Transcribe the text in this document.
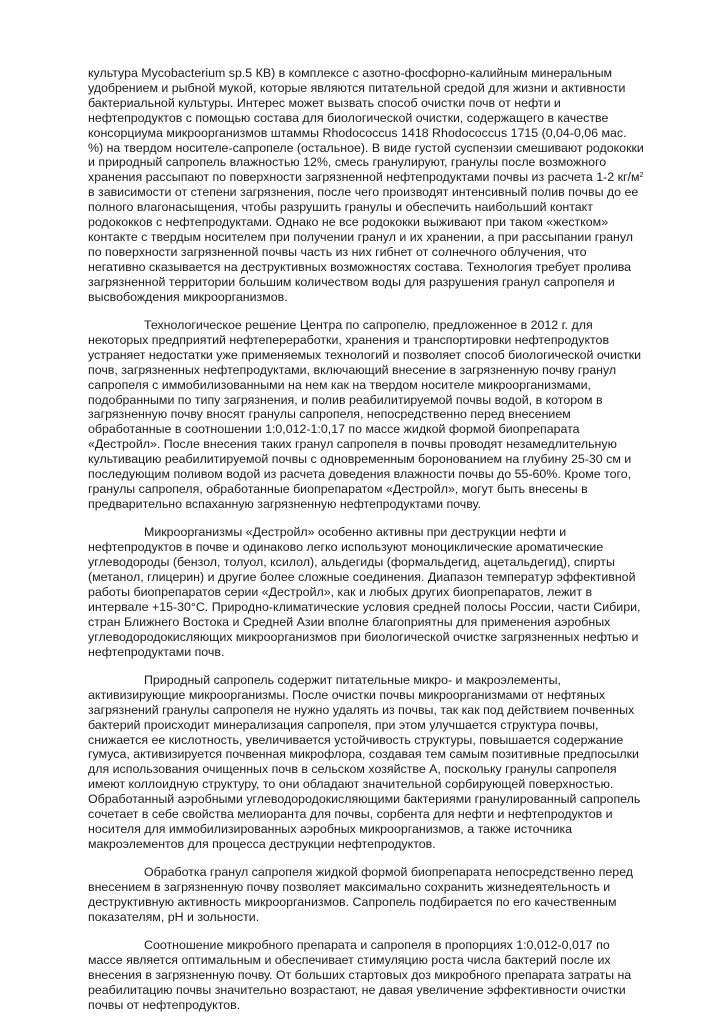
культура Mycobacterium sp.5 КВ) в комплексе с азотно-фосфорно-калийным минеральным удобрением и рыбной мукой, которые являются питательной средой для жизни и активности бактериальной культуры. Интерес может вызвать способ очистки почв от нефти и нефтепродуктов с помощью состава для биологической очистки, содержащего в качестве консорциума микроорганизмов штаммы Rhodococcus 1418 Rhodococcus 1715 (0,04-0,06 мас. %) на твердом носителе-сапропеле (остальное). В виде густой суспензии смешивают родококки и природный сапропель влажностью 12%, смесь гранулируют, гранулы после возможного хранения рассыпают по поверхности загрязненной нефтепродуктами почвы из расчета 1-2 $кг/м^2$ в зависимости от степени загрязнения, после чего производят интенсивный полив почвы до ее полного влагонасыщения, чтобы разрушить гранулы и обеспечить наибольший контакт родококков с нефтепродуктами. Однако не все родококки выживают при таком «жестком» контакте с твердым носителем при получении гранул и их хранении, а при рассыпании гранул по поверхности загрязненной почвы часть из них гибнет от солнечного облучения, что негативно сказывается на деструктивных возможностях состава. Технология требует пролива загрязненной территории большим количеством воды для разрушения гранул сапропеля и высвобождения микроорганизмов.

Технологическое решение Центра по сапропелю, предложенное в 2012 г. для некоторых предприятий нефтепереработки, хранения и транспортировки нефтепродуктов устраняет недостатки уже применяемых технологий и позволяет способ биологической очистки почв, загрязненных нефтепродуктами, включающий внесение в загрязненную почву гранул сапропеля с иммобилизованными на нем как на твердом носителе микроорганизмами, подобранными по типу загрязнения, и полив реабилитируемой почвы водой, в котором в загрязненную почву вносят гранулы сапропеля, непосредственно перед внесением обработанные в соотношении 1:0,012-1:0,17 по массе жидкой формой биопрепарата «Дестройл». После внесения таких гранул сапропеля в почвы проводят незамедлительную культивацию реабилитируемой почвы с одновременным боронованием на глубину 25-30 см и последующим поливом водой из расчета доведения влажности почвы до 55-60%. Кроме того, гранулы сапропеля, обработанные биопрепаратом «Дестройл», могут быть внесены в предварительно вспаханную загрязненную нефтепродуктами почву.

Микроорганизмы «Дестройл» особенно активны при деструкции нефти и нефтепродуктов в почве и одинаково легко используют моноциклические ароматические углеводороды (бензол, толуол, ксилол), альдегиды (формальдегид, ацетальдегид), спирты (метанол, глицерин) и другие более сложные соединения. Диапазон температур эффективной работы биопрепаратов серии «Дестройл», как и любых других биопрепаратов, лежит в интервале +15-30°С. Природно-климатические условия средней полосы России, части Сибири, стран Ближнего Востока и Средней Азии вполне благоприятны для применения аэробных углеводородокисляющих микроорганизмов при биологической очистке загрязненных нефтью и нефтепродуктами почв.

Природный сапропель содержит питательные микро- и макроэлементы, активизирующие микроорганизмы. После очистки почвы микроорганизмами от нефтяных загрязнений гранулы сапропеля не нужно удалять из почвы, так как под действием почвенных бактерий происходит минерализация сапропеля, при этом улучшается структура почвы, снижается ее кислотность, увеличивается устойчивость структуры, повышается содержание гумуса, активизируется почвенная микрофлора, создавая тем самым позитивные предпосылки для использования очищенных почв в сельском хозяйстве А, поскольку гранулы сапропеля имеют коллоидную структуру, то они обладают значительной сорбирующей поверхностью. Обработанный аэробными углеводородокисляющими бактериями гранулированный сапропель сочетает в себе свойства мелиоранта для почвы, сорбента для нефти и нефтепродуктов и носителя для иммобилизированных аэробных микроорганизмов, а также источника макроэлементов для процесса деструкции нефтепродуктов.

Обработка гранул сапропеля жидкой формой биопрепарата непосредственно перед внесением в загрязненную почву позволяет максимально сохранить жизнедеятельность и деструктивную активность микроорганизмов. Сапропель подбирается по его качественным показателям, pH и зольности.

Соотношение микробного препарата и сапропеля в пропорциях 1:0,012-0,017 по массе является оптимальным и обеспечивает стимуляцию роста числа бактерий после их внесения в загрязненную почву. От больших стартовых доз микробного препарата затраты на реабилитацию почвы значительно возрастают, не давая увеличение эффективности очистки почвы от нефтепродуктов.
